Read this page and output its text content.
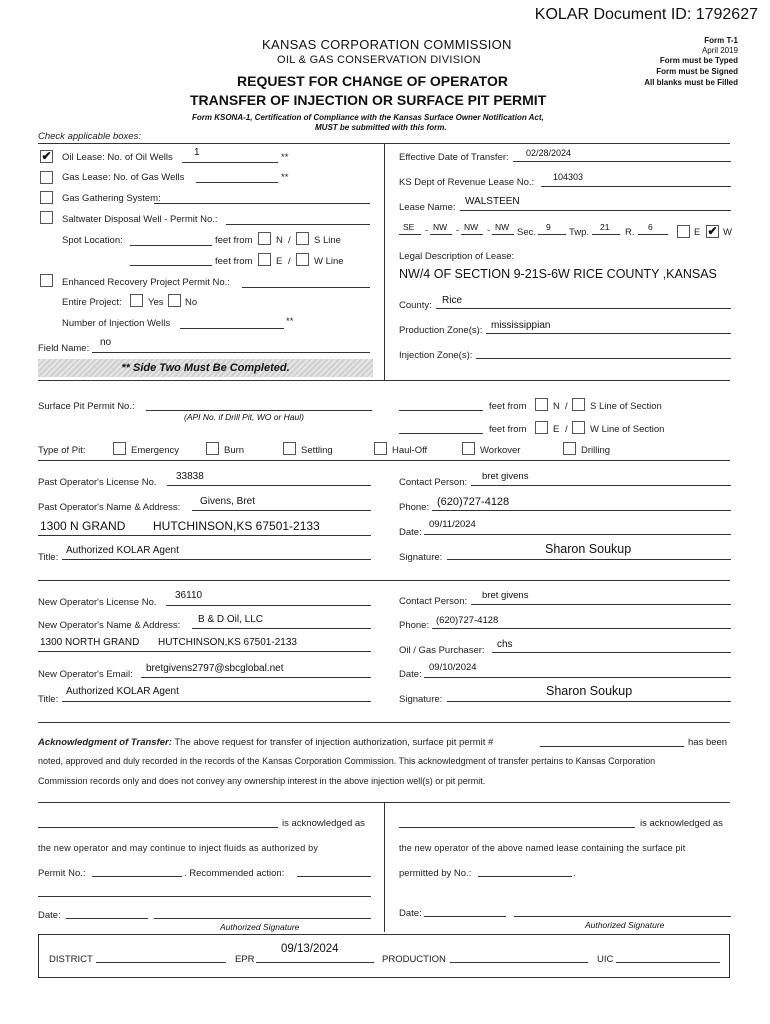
KOLAR Document ID: 1792627
KANSAS CORPORATION COMMISSION
OIL & GAS CONSERVATION DIVISION
REQUEST FOR CHANGE OF OPERATOR
TRANSFER OF INJECTION OR SURFACE PIT PERMIT
Form KSONA-1, Certification of Compliance with the Kansas Surface Owner Notification Act,
MUST be submitted with this form.
Form T-1
April 2019
Form must be Typed
Form must be Signed
All blanks must be Filled
Check applicable boxes:
✔ Oil Lease: No. of Oil Wells 1	**
Gas Lease: No. of Gas Wells	**
Gas Gathering System:
Saltwater Disposal Well - Permit No.:
Spot Location:	feet from N / S Line
feet from E / W Line
Enhanced Recovery Project Permit No.:
Entire Project:	Yes No
Number of Injection Wells	**
Field Name:
no
** Side Two Must Be Completed.
Effective Date of Transfer: 02/28/2024
KS Dept of Revenue Lease No.: 104303
Lease Name:
WALSTEEN
SE - NW - NW - NW Sec. 9 Twp. 21 R. 6	E ✔ W
Legal Description of Lease:
NW/4 OF SECTION 9-21S-6W RICE COUNTY ,KANSAS
County: Rice
Production Zone(s): mississippian
Injection Zone(s):
Surface Pit Permit No.:
(API No. if Drill Pit, WO or Haul)
feet from	N / S Line of Section
feet from	E / W Line of Section
Type of Pit:	Emergency	Burn	Settling	Haul-Off	Workover	Drilling
Past Operator's License No.
33838
Past Operator's Name & Address:
Givens, Bret
1300 N GRAND HUTCHINSON,KS 67501-2133
Title:
Authorized KOLAR Agent
Contact Person:
bret givens
Phone: (620)727-4128
Date:
09/11/2024
Signature:
Sharon Soukup
New Operator's License No.
36110
New Operator's Name & Address:
B & D Oil, LLC
1300 NORTH GRAND HUTCHINSON,KS 67501-2133
New Operator's Email:
bretgivens2797@sbcglobal.net
Title:
Authorized KOLAR Agent
Contact Person:
bret givens
Phone: (620)727-4128
Oil / Gas Purchaser:
chs
Date:
09/10/2024
Signature:
Sharon Soukup
Acknowledgment of Transfer: The above request for transfer of injection authorization, surface pit permit #	has been
noted, approved and duly recorded in the records of the Kansas Corporation Commission. This acknowledgment of transfer pertains to Kansas Corporation
Commission records only and does not convey any ownership interest in the above injection well(s) or pit permit.
is acknowledged as
the new operator and may continue to inject fluids as authorized by
Permit No.:	. Recommended action:
Date:
Authorized Signature
is acknowledged as
the new operator of the above named lease containing the surface pit
permitted by No.:	.
Date:
Authorized Signature
DISTRICT	EPR
09/13/2024
PRODUCTION	UIC
